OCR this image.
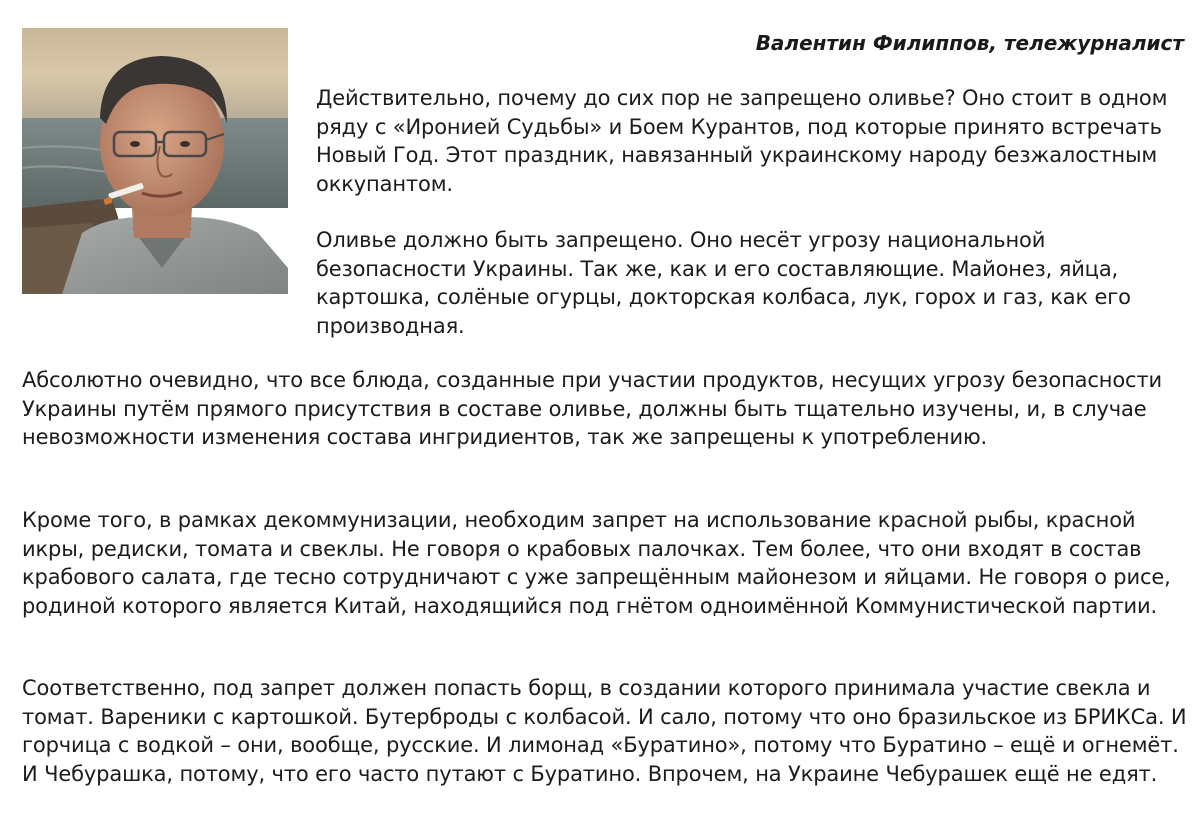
Валентин Филиппов, тележурналист

Действительно, почему до сих пор не запрещено оливье? Оно стоит в одном ряду с «Иронией Судьбы» и Боем Курантов, под которые принято встречать Новый Год. Этот праздник, навязанный украинскому народу безжалостным оккупантом.

Оливье должно быть запрещено. Оно несёт угрозу национальной безопасности Украины. Так же, как и его составляющие. Майонез, яйца, картошка, солёные огурцы, докторская колбаса, лук, горох и газ, как его производная.

Абсолютно очевидно, что все блюда, созданные при участии продуктов, несущих угрозу безопасности Украины путём прямого присутствия в составе оливье, должны быть тщательно изучены, и, в случае невозможности изменения состава ингридиентов, так же запрещены к употреблению.

Кроме того, в рамках декоммунизации, необходим запрет на использование красной рыбы, красной икры, редиски, томата и свеклы. Не говоря о крабовых палочках. Тем более, что они входят в состав крабового салата, где тесно сотрудничают с уже запрещённым майонезом и яйцами. Не говоря о рисе, родиной которого является Китай, находящийся под гнётом одноимённой Коммунистической партии.

Соответственно, под запрет должен попасть борщ, в создании которого принимала участие свекла и томат. Вареники с картошкой. Бутерброды с колбасой. И сало, потому что оно бразильское из БРИКСа. И горчица с водкой – они, вообще, русские. И лимонад «Буратино», потому что Буратино – ещё и огнемёт. И Чебурашка, потому, что его часто путают с Буратино. Впрочем, на Украине Чебурашек ещё не едят.
